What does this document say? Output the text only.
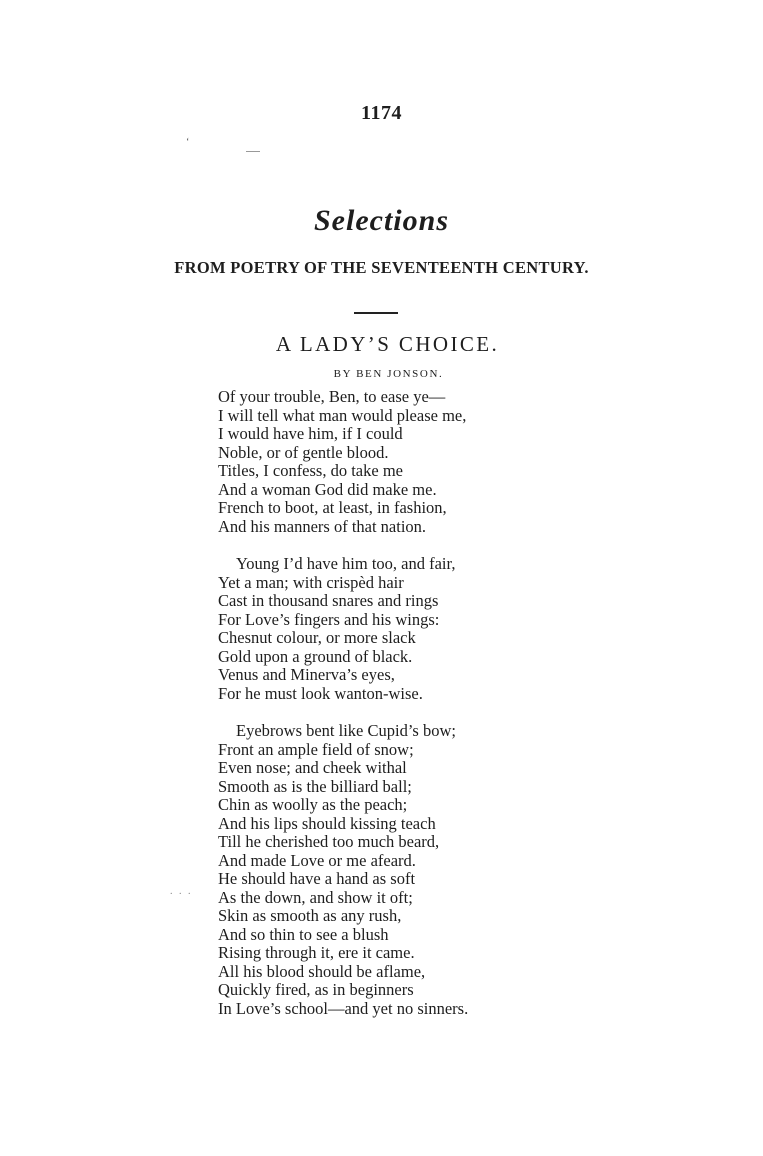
1174
‘
Selections
FROM POETRY OF THE SEVENTEENTH CENTURY.
A LADY’S CHOICE.
BY BEN JONSON.
Of your trouble, Ben, to ease ye—
I will tell what man would please me,
I would have him, if I could
Noble, or of gentle blood.
Titles, I confess, do take me
And a woman God did make me.
French to boot, at least, in fashion,
And his manners of that nation.
Young I’d have him too, and fair,
Yet a man; with crispèd hair
Cast in thousand snares and rings
For Love’s fingers and his wings:
Chesnut colour, or more slack
Gold upon a ground of black.
Venus and Minerva’s eyes,
For he must look wanton-wise.
Eyebrows bent like Cupid’s bow;
Front an ample field of snow;
Even nose; and cheek withal
Smooth as is the billiard ball;
Chin as woolly as the peach;
And his lips should kissing teach
Till he cherished too much beard,
And made Love or me afeard.
He should have a hand as soft
As the down, and show it oft;
Skin as smooth as any rush,
And so thin to see a blush
Rising through it, ere it came.
All his blood should be aflame,
Quickly fired, as in beginners
In Love’s school—and yet no sinners.
. . .
